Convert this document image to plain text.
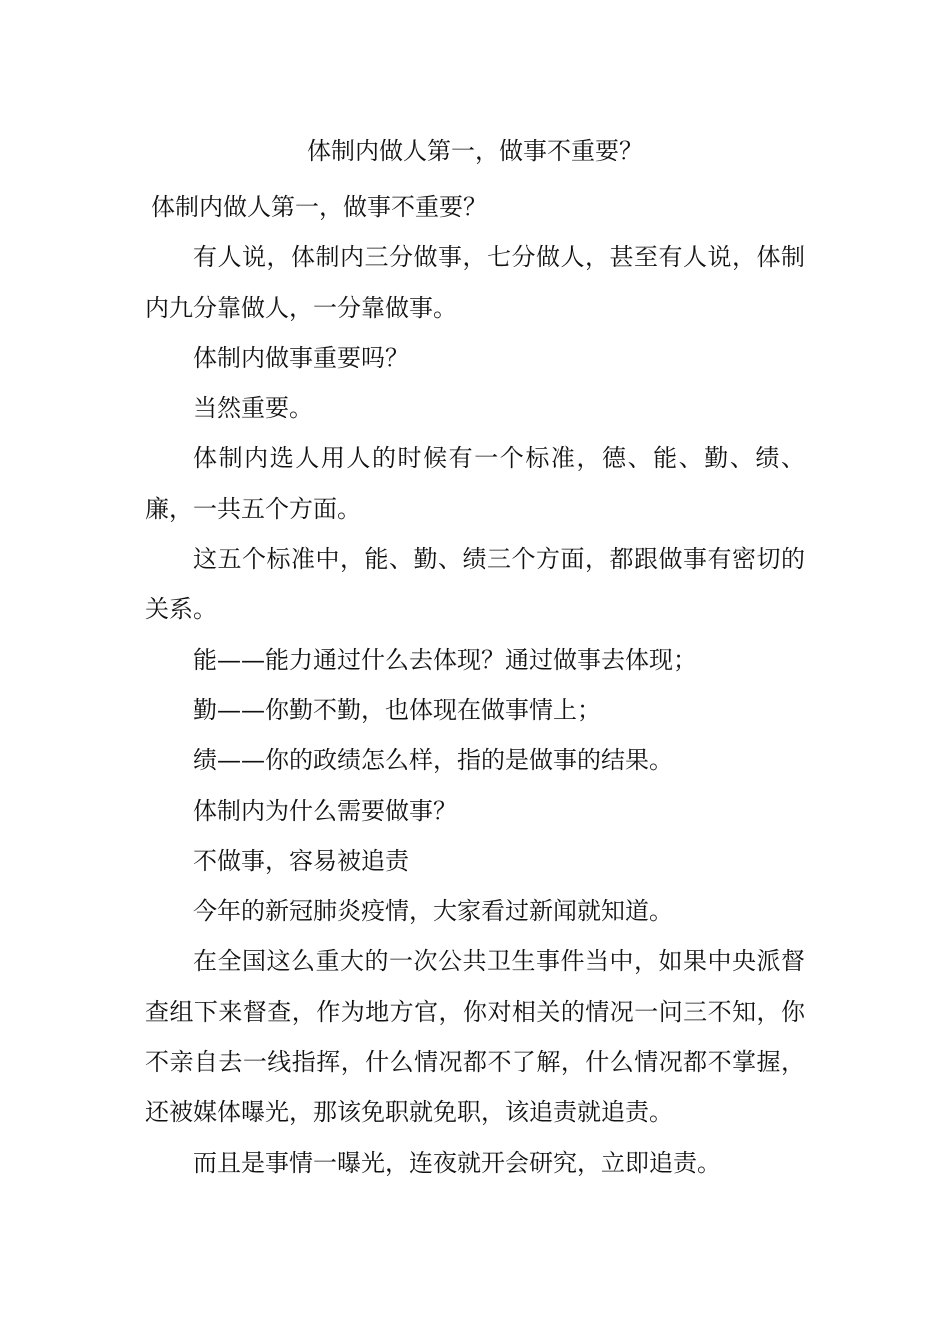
体制内做人第一，做事不重要？

体制内做人第一，做事不重要？

有人说，体制内三分做事，七分做人，甚至有人说，体制内九分靠做人，一分靠做事。

体制内做事重要吗？

当然重要。

体制内选人用人的时候有一个标准，德、能、勤、绩、廉，一共五个方面。

这五个标准中，能、勤、绩三个方面，都跟做事有密切的关系。

能——能力通过什么去体现？通过做事去体现；

勤——你勤不勤，也体现在做事情上；

绩——你的政绩怎么样，指的是做事的结果。

体制内为什么需要做事？

不做事，容易被追责

今年的新冠肺炎疫情，大家看过新闻就知道。

在全国这么重大的一次公共卫生事件当中，如果中央派督查组下来督查，作为地方官，你对相关的情况一问三不知，你不亲自去一线指挥，什么情况都不了解，什么情况都不掌握，还被媒体曝光，那该免职就免职，该追责就追责。

而且是事情一曝光，连夜就开会研究，立即追责。
